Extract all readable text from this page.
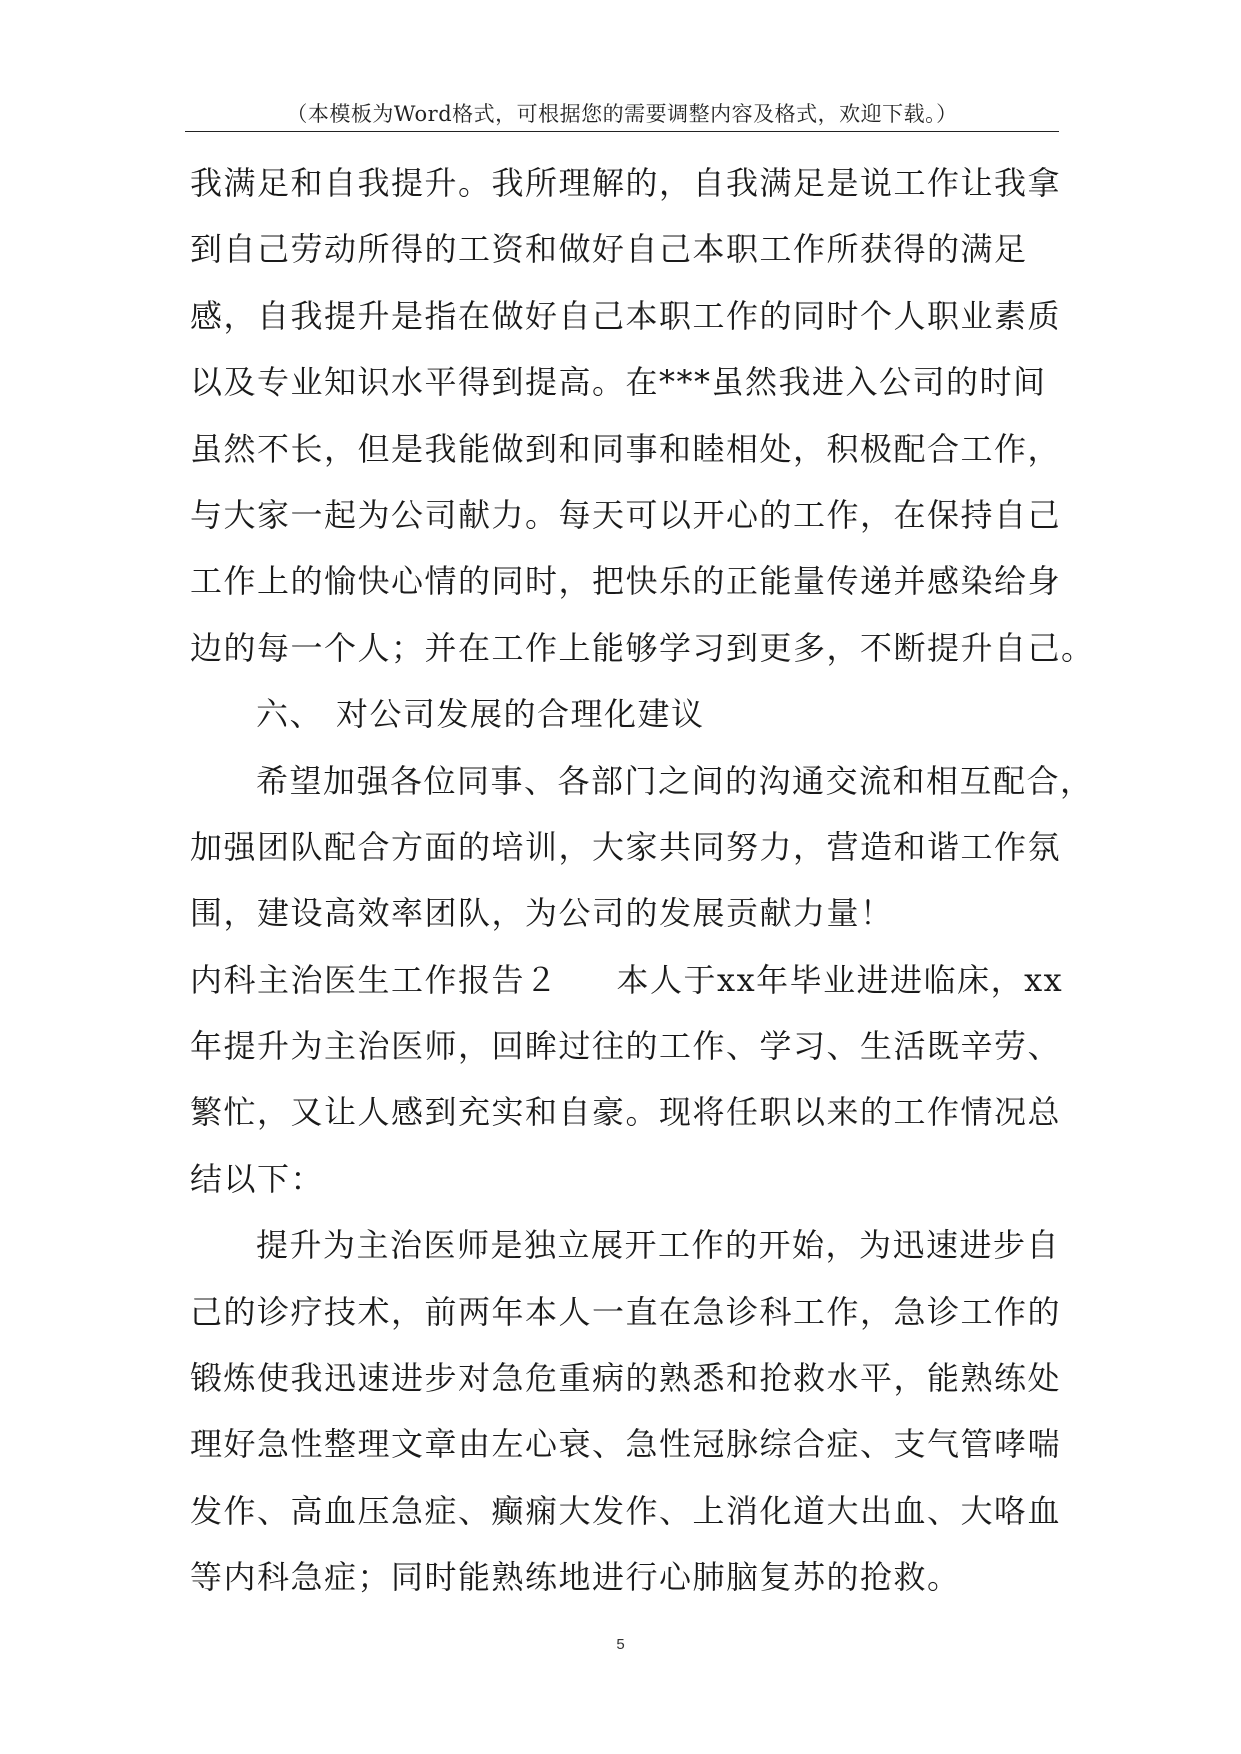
（本模板为Word格式，可根据您的需要调整内容及格式，欢迎下载。）
我满足和自我提升。我所理解的，自我满足是说工作让我拿
到自己劳动所得的工资和做好自己本职工作所获得的满足
感，自我提升是指在做好自己本职工作的同时个人职业素质
以及专业知识水平得到提高。在***虽然我进入公司的时间
虽然不长，但是我能做到和同事和睦相处，积极配合工作，
与大家一起为公司献力。每天可以开心的工作，在保持自己
工作上的愉快心情的同时，把快乐的正能量传递并感染给身
边的每一个人；并在工作上能够学习到更多，不断提升自己。
六、 对公司发展的合理化建议
希望加强各位同事、各部门之间的沟通交流和相互配合，
加强团队配合方面的培训，大家共同努力，营造和谐工作氛
围，建设高效率团队，为公司的发展贡献力量！
内科主治医生工作报告２ 本人于xx年毕业进进临床，xx
年提升为主治医师，回眸过往的工作、学习、生活既辛劳、
繁忙，又让人感到充实和自豪。现将任职以来的工作情况总
结以下：
提升为主治医师是独立展开工作的开始，为迅速进步自
己的诊疗技术，前两年本人一直在急诊科工作，急诊工作的
锻炼使我迅速进步对急危重病的熟悉和抢救水平，能熟练处
理好急性整理文章由左心衰、急性冠脉综合症、支气管哮喘
发作、高血压急症、癫痫大发作、上消化道大出血、大咯血
等内科急症；同时能熟练地进行心肺脑复苏的抢救。
5
